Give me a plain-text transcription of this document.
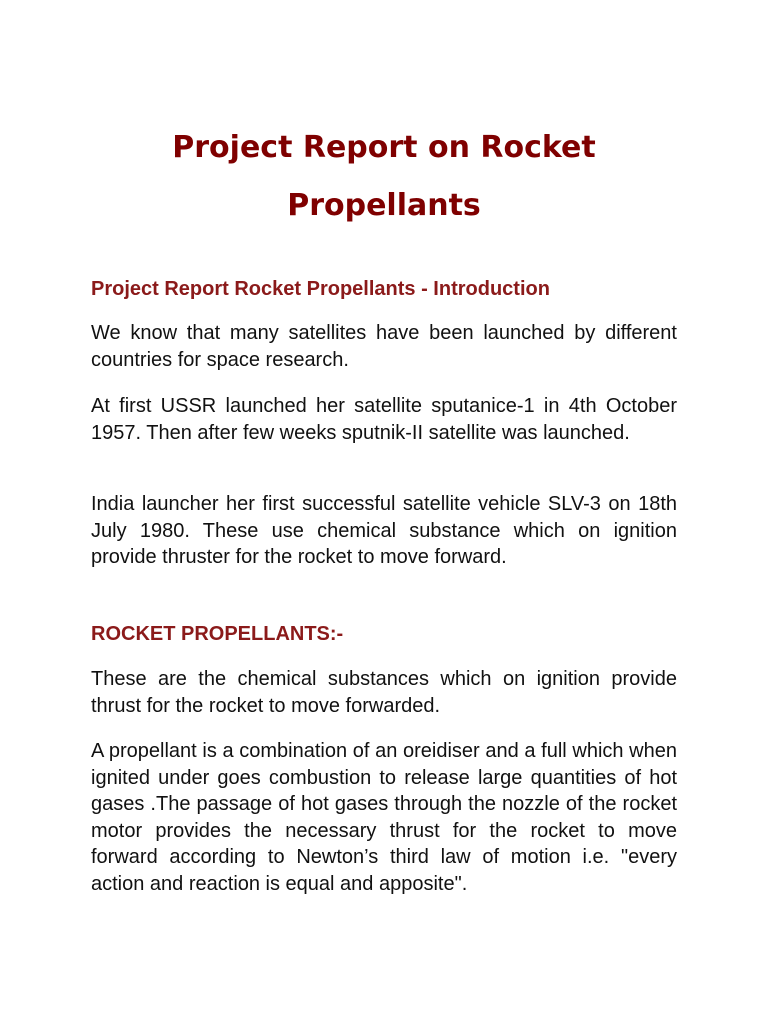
Project Report on Rocket
Propellants
Project Report Rocket Propellants - Introduction

We know that many satellites have been launched by different countries for space research.

At first USSR launched her satellite sputanice-1 in 4th October 1957. Then after few weeks sputnik-II satellite was launched.

India launcher her first successful satellite vehicle SLV-3 on 18th July 1980. These use chemical substance which on ignition provide thruster for the rocket to move forward.

ROCKET PROPELLANTS:-

These are the chemical substances which on ignition provide thrust for the rocket to move forwarded.

A propellant is a combination of an oreidiser and a full which when ignited under goes combustion to release large quantities of hot gases .The passage of hot gases through the nozzle of the rocket motor provides the necessary thrust for the rocket to move forward according to Newton’s third law of motion i.e. "every action and reaction is equal and apposite".
